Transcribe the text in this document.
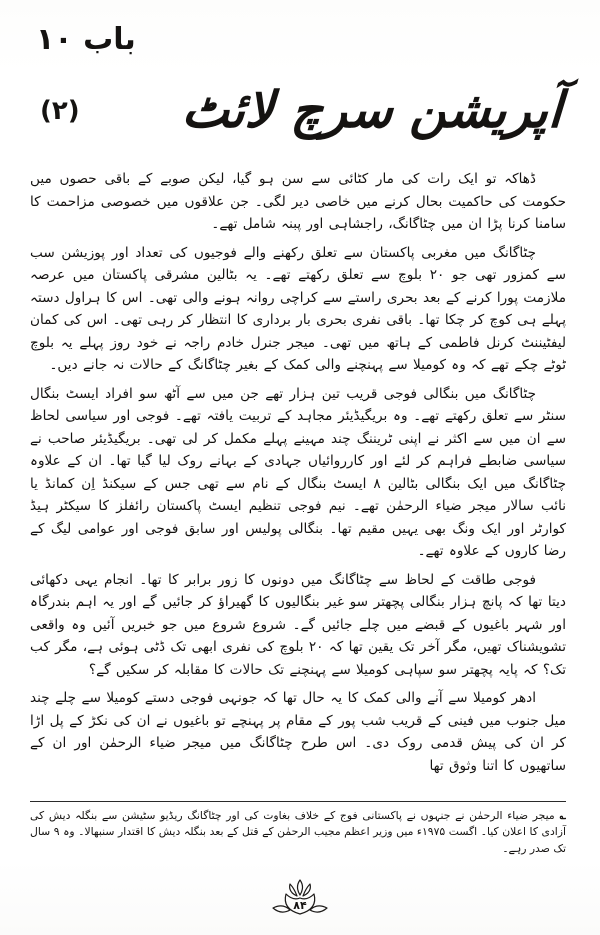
باب ۱۰
آپریشن سرچ لائٹ
(۲)

ڈھاکہ تو ایک رات کی مار کٹائی سے سن ہو گیا، لیکن صوبے کے باقی حصوں میں حکومت کی حاکمیت بحال کرنے میں خاصی دیر لگی۔ جن علاقوں میں خصوصی مزاحمت کا سامنا کرنا پڑا ان میں چٹاگانگ، راجشاہی اور پبنہ شامل تھے۔

چٹاگانگ میں مغربی پاکستان سے تعلق رکھنے والے فوجیوں کی تعداد اور پوزیشن سب سے کمزور تھی جو ۲۰ بلوچ سے تعلق رکھتے تھے۔ یہ بٹالین مشرقی پاکستان میں عرصہ ملازمت پورا کرنے کے بعد بحری راستے سے کراچی روانہ ہونے والی تھی۔ اس کا ہراول دستہ پہلے ہی کوچ کر چکا تھا۔ باقی نفری بحری بار برداری کا انتظار کر رہی تھی۔ اس کی کمان لیفٹیننٹ کرنل فاطمی کے ہاتھ میں تھی۔ میجر جنرل خادم راجہ نے خود روز پہلے یہ بلوچ ٹوٹے چکے تھے کہ وہ کومیلا سے پہنچنے والی کمک کے بغیر چٹاگانگ کے حالات نہ جانے دیں۔

چٹاگانگ میں بنگالی فوجی قریب تین ہزار تھے جن میں سے آٹھ سو افراد ایسٹ بنگال سنٹر سے تعلق رکھتے تھے۔ وہ بریگیڈیئر مجاہد کے تربیت یافتہ تھے۔ فوجی اور سیاسی لحاظ سے ان میں سے اکثر نے اپنی ٹریننگ چند مہینے پہلے مکمل کر لی تھی۔ بریگیڈیئر صاحب نے سیاسی ضابطے فراہم کر لئے اور کارروائیاں جہادی کے بہانے روک لیا گیا تھا۔ ان کے علاوہ چٹاگانگ میں ایک بنگالی بٹالین ۸ ایسٹ بنگال کے نام سے تھی جس کے سیکنڈ اِن کمانڈ یا نائب سالار میجر ضیاء الرحمٰن تھے۔ نیم فوجی تنظیم ایسٹ پاکستان رائفلز کا سیکٹر ہیڈ کوارٹر اور ایک ونگ بھی یہیں مقیم تھا۔ بنگالی پولیس اور سابق فوجی اور عوامی لیگ کے رضا کاروں کے علاوہ تھے۔

فوجی طاقت کے لحاظ سے چٹاگانگ میں دونوں کا زور برابر کا تھا۔ انجام یہی دکھائی دیتا تھا کہ پانچ ہزار بنگالی پچھتر سو غیر بنگالیوں کا گھیراؤ کر جائیں گے اور یہ اہم بندرگاہ اور شہر باغیوں کے قبضے میں چلے جائیں گے۔ شروع شروع میں جو خبریں آئیں وہ واقعی تشویشناک تھیں، مگر آخر تک یقین تھا کہ ۲۰ بلوچ کی نفری ابھی تک ڈٹی ہوئی ہے، مگر کب تک؟ کہ پایہ پچھتر سو سپاہی کومیلا سے پہنچنے تک حالات کا مقابلہ کر سکیں گے؟

ادھر کومیلا سے آنے والی کمک کا یہ حال تھا کہ جونہی فوجی دستے کومیلا سے چلے چند میل جنوب میں فینی کے قریب شب پور کے مقام پر پہنچے تو باغیوں نے ان کی نکڑ کے پل اڑا کر ان کی پیش قدمی روک دی۔ اس طرح چٹاگانگ میں میجر ضیاء الرحمٰن اور ان کے ساتھیوں کا اتنا وثوق تھا

؎میجر ضیاء الرحمٰن نے جنہوں نے پاکستانی فوج کے خلاف بغاوت کی اور چٹاگانگ ریڈیو سٹیشن سے بنگلہ دیش کی آزادی کا اعلان کیا۔ اگست ۱۹۷۵ء میں وزیر اعظم مجیب الرحمٰن کے قتل کے بعد بنگلہ دیش کا اقتدار سنبھالا۔ وہ ۹ سال تک صدر رہے۔
۸۴
